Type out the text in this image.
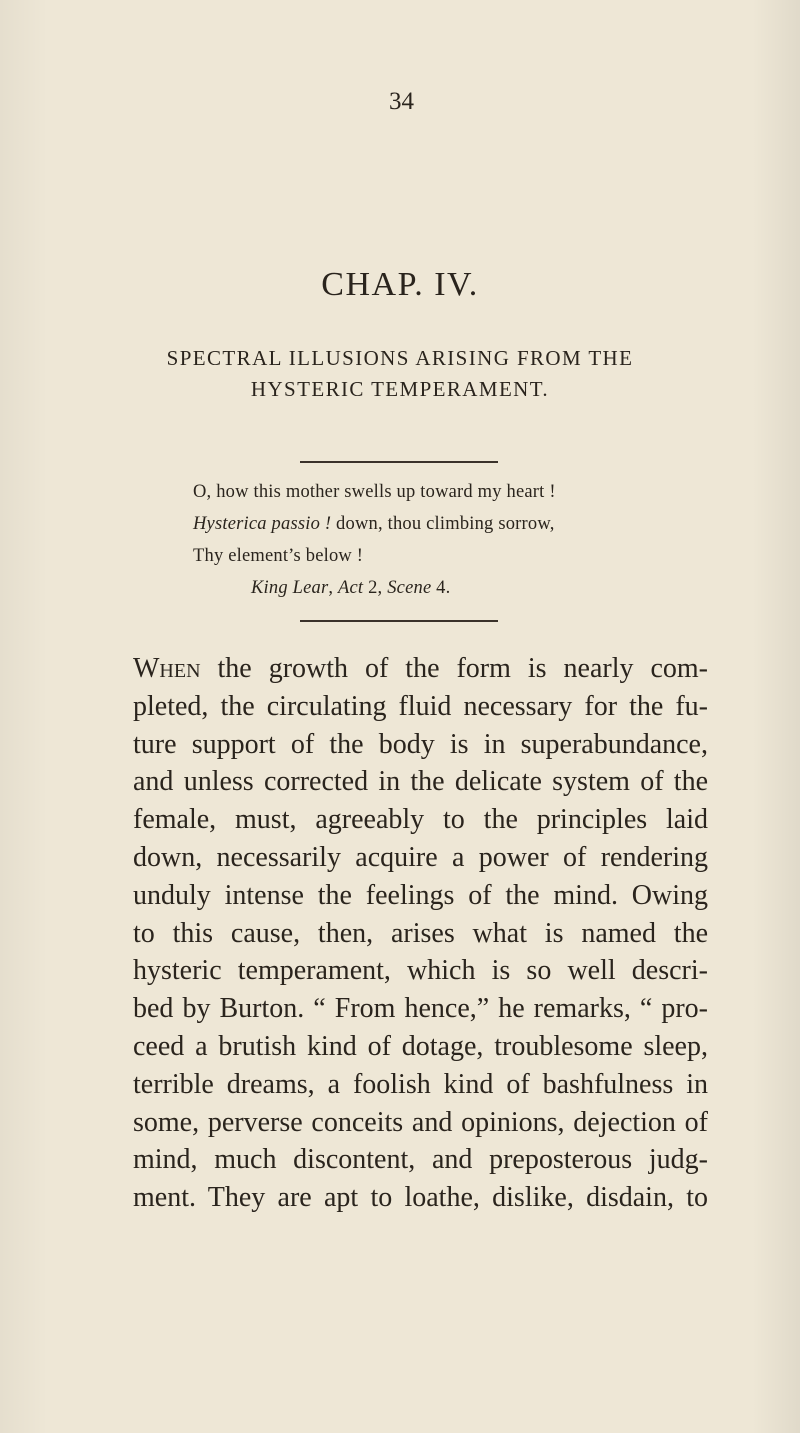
34
CHAP. IV.
SPECTRAL ILLUSIONS ARISING FROM THE
HYSTERIC TEMPERAMENT.
O, how this mother swells up toward my heart !
Hysterica passio ! down, thou climbing sorrow,
Thy element’s below !
King Lear, Act 2, Scene 4.
When the growth of the form is nearly com-
pleted, the circulating fluid necessary for the fu-
ture support of the body is in superabundance,
and unless corrected in the delicate system of the
female, must, agreeably to the principles laid
down, necessarily acquire a power of rendering
unduly intense the feelings of the mind. Owing
to this cause, then, arises what is named the
hysteric temperament, which is so well descri-
bed by Burton. “ From hence,” he remarks, “ pro-
ceed a brutish kind of dotage, troublesome sleep,
terrible dreams, a foolish kind of bashfulness in
some, perverse conceits and opinions, dejection of
mind, much discontent, and preposterous judg-
ment. They are apt to loathe, dislike, disdain, to
